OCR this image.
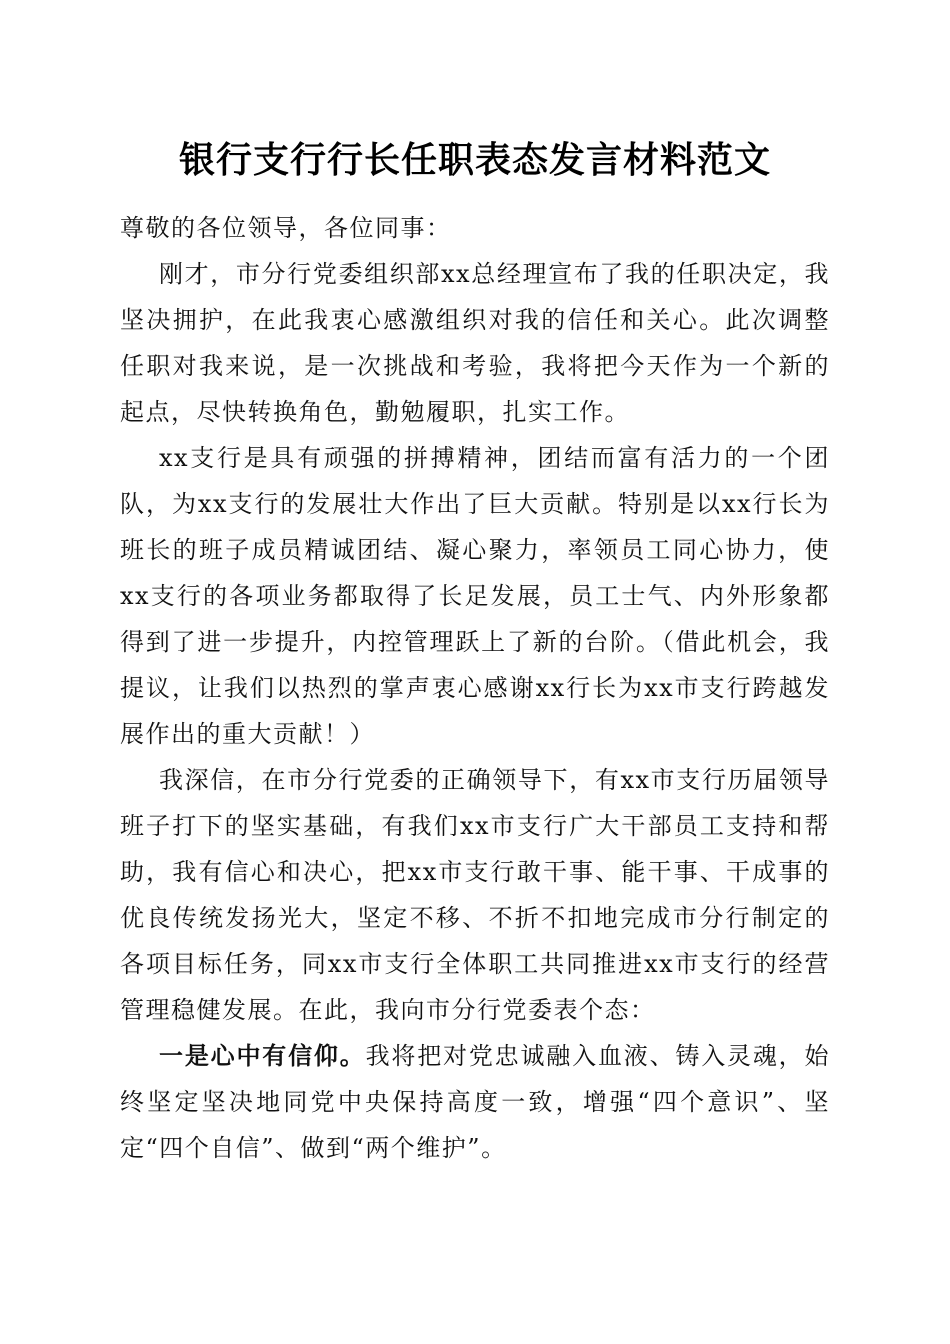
银行支行行长任职表态发言材料范文

尊敬的各位领导，各位同事：

刚才，市分行党委组织部xx总经理宣布了我的任职决定，我坚决拥护，在此我衷心感激组织对我的信任和关心。此次调整任职对我来说，是一次挑战和考验，我将把今天作为一个新的起点，尽快转换角色，勤勉履职，扎实工作。

xx支行是具有顽强的拼搏精神，团结而富有活力的一个团队，为xx支行的发展壮大作出了巨大贡献。特别是以xx行长为班长的班子成员精诚团结、凝心聚力，率领员工同心协力，使xx支行的各项业务都取得了长足发展，员工士气、内外形象都得到了进一步提升，内控管理跃上了新的台阶。（借此机会，我提议，让我们以热烈的掌声衷心感谢xx行长为xx市支行跨越发展作出的重大贡献！）

我深信，在市分行党委的正确领导下，有xx市支行历届领导班子打下的坚实基础，有我们xx市支行广大干部员工支持和帮助，我有信心和决心，把xx市支行敢干事、能干事、干成事的优良传统发扬光大，坚定不移、不折不扣地完成市分行制定的各项目标任务，同xx市支行全体职工共同推进xx市支行的经营管理稳健发展。在此，我向市分行党委表个态：

一是心中有信仰。我将把对党忠诚融入血液、铸入灵魂，始终坚定坚决地同党中央保持高度一致，增强“四个意识”、坚定“四个自信”、做到“两个维护”。
